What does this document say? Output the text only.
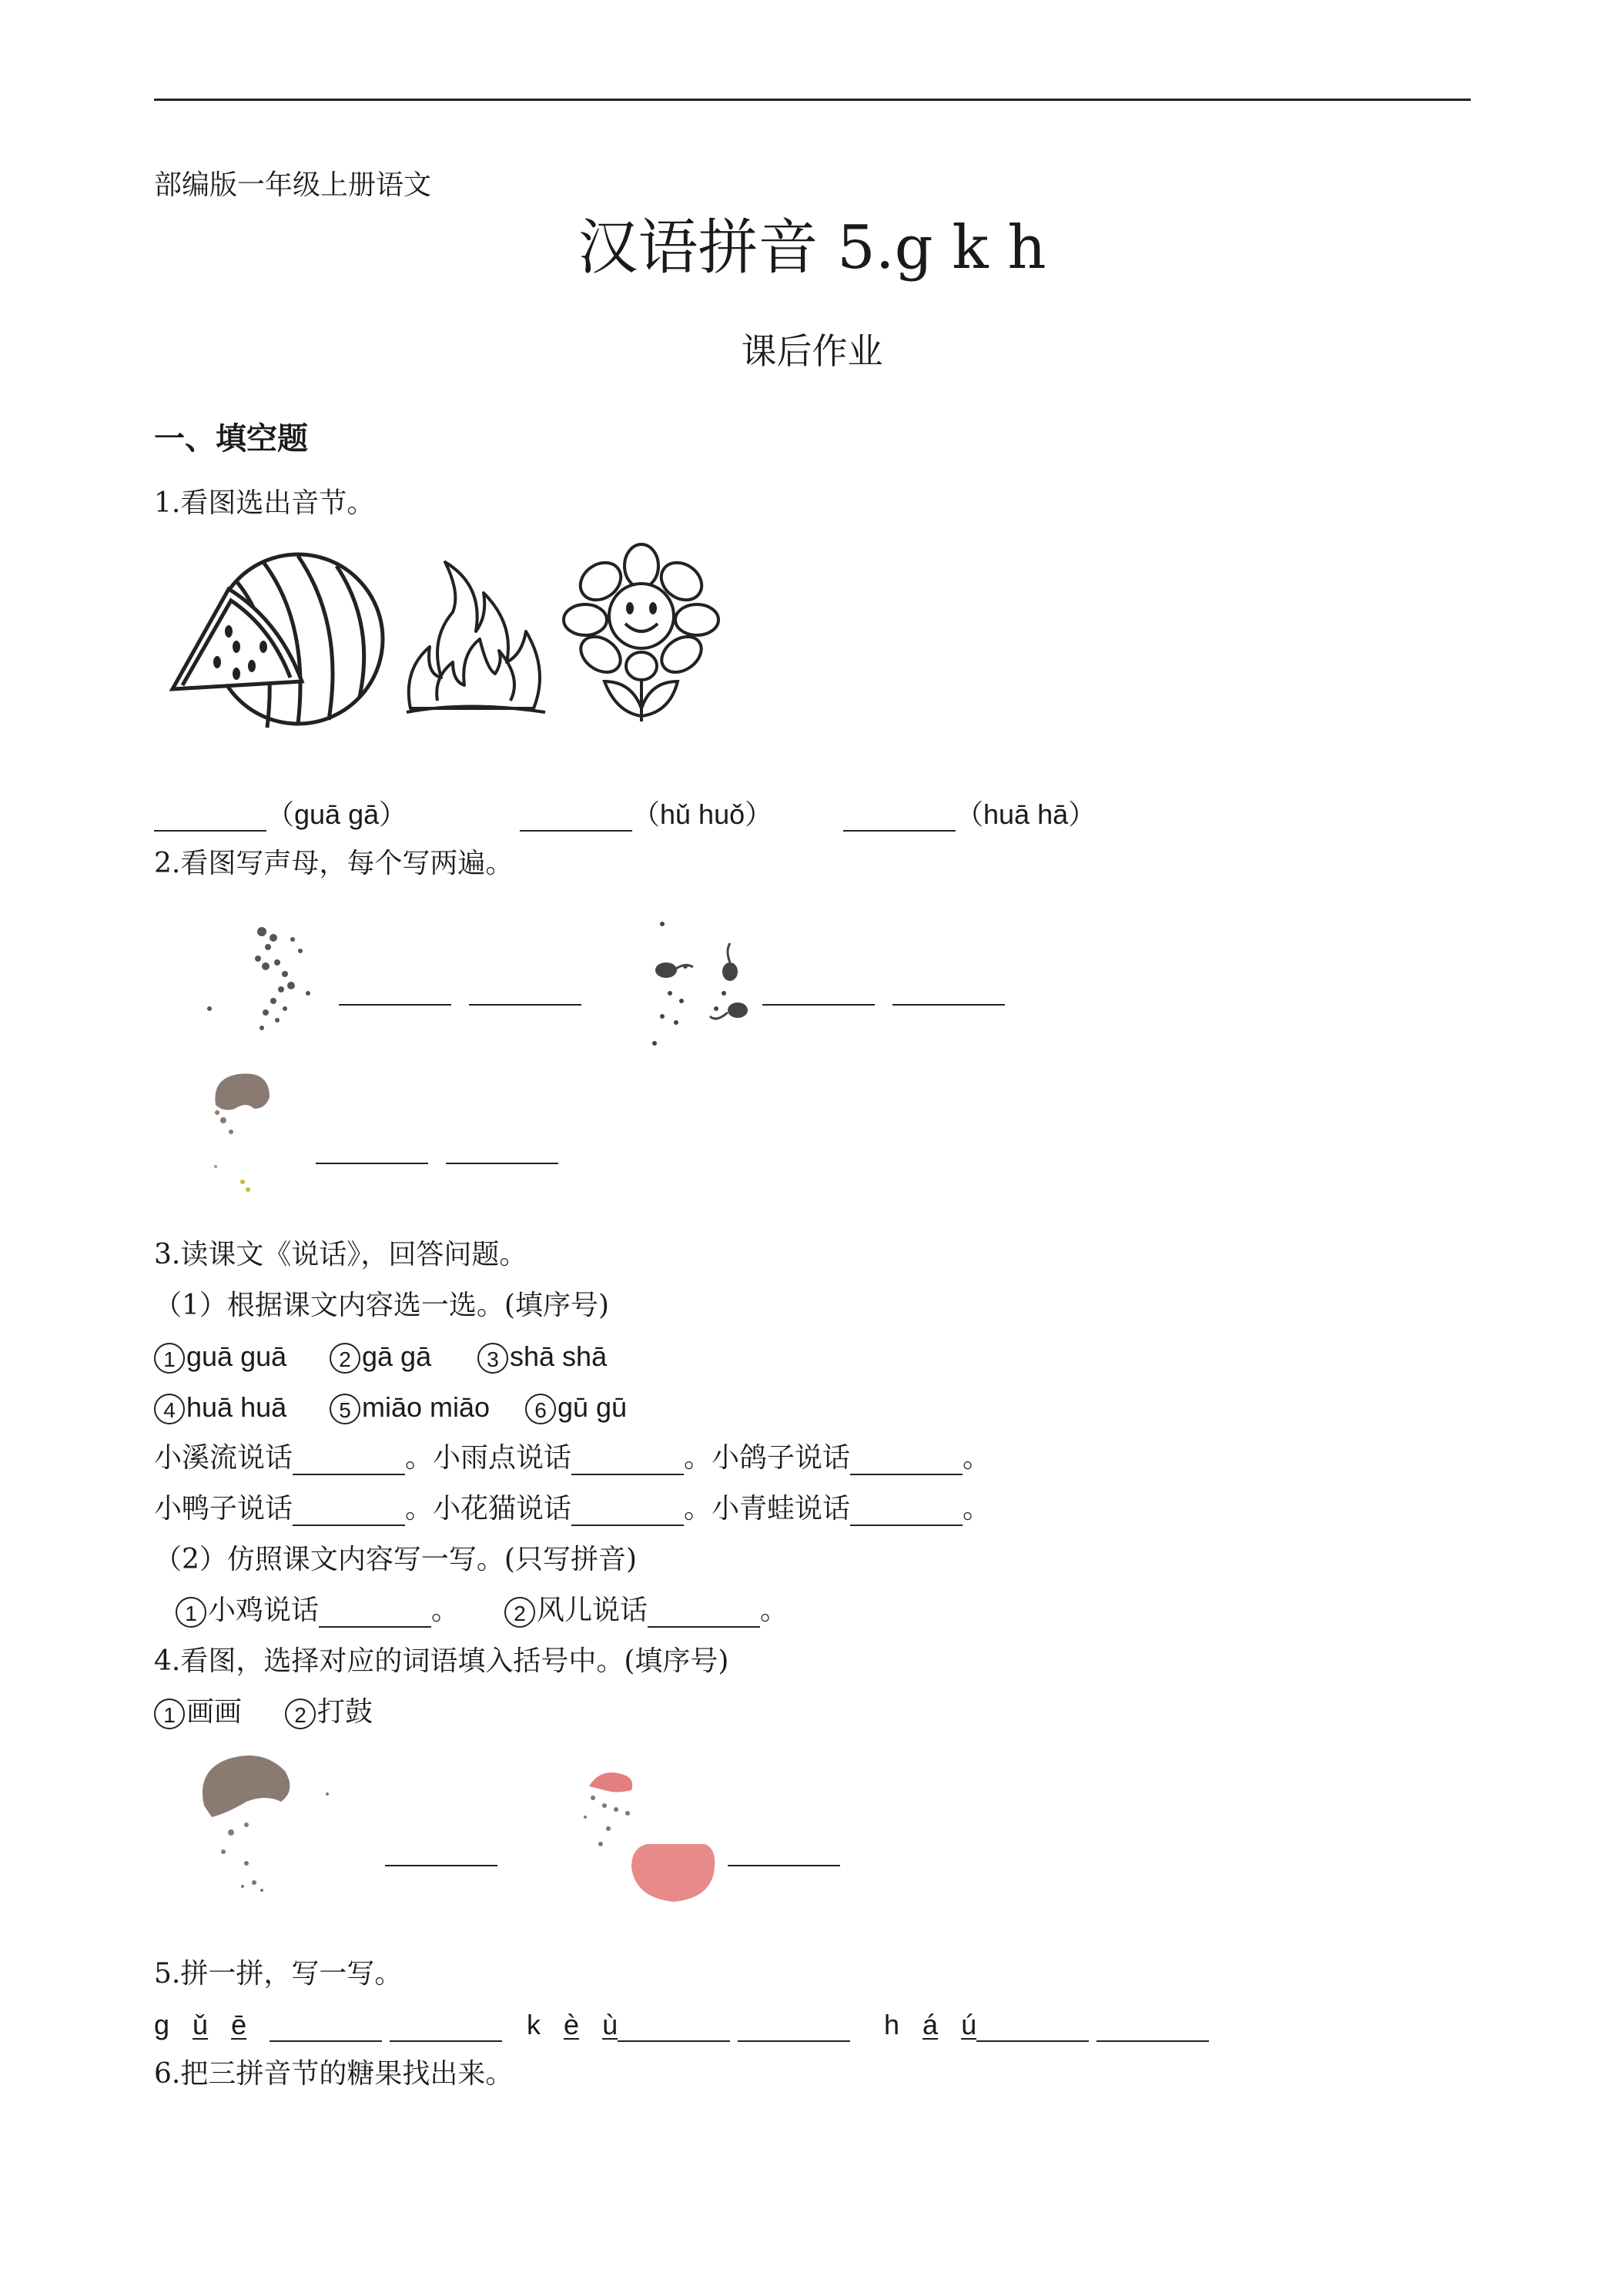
部编版一年级上册语文
汉语拼音 5.g k h
课后作业
一、填空题
1.看图选出音节。
（guā gā）	（hǔ huǒ）	（huā hā）
2.看图写声母，每个写两遍。

3.读课文《说话》，回答问题。
（1）根据课文内容选一选。(填序号)
1 guā guā	2 gā gā	3 shā shā
4 huā huā	5 miāo miāo	6 gū gū
小溪流说话	。小雨点说话	。小鸽子说话	。
小鸭子说话	。小花猫说话	。小青蛙说话	。
（2）仿照课文内容写一写。(只写拼音)
1 小鸡说话	。	2 风儿说话	。
4.看图，选择对应的词语填入括号中。(填序号)
1 画画	2 打鼓
5.拼一拼，写一写。
g ǔ ē	k è ù	h á ú
6.把三拼音节的糖果找出来。
